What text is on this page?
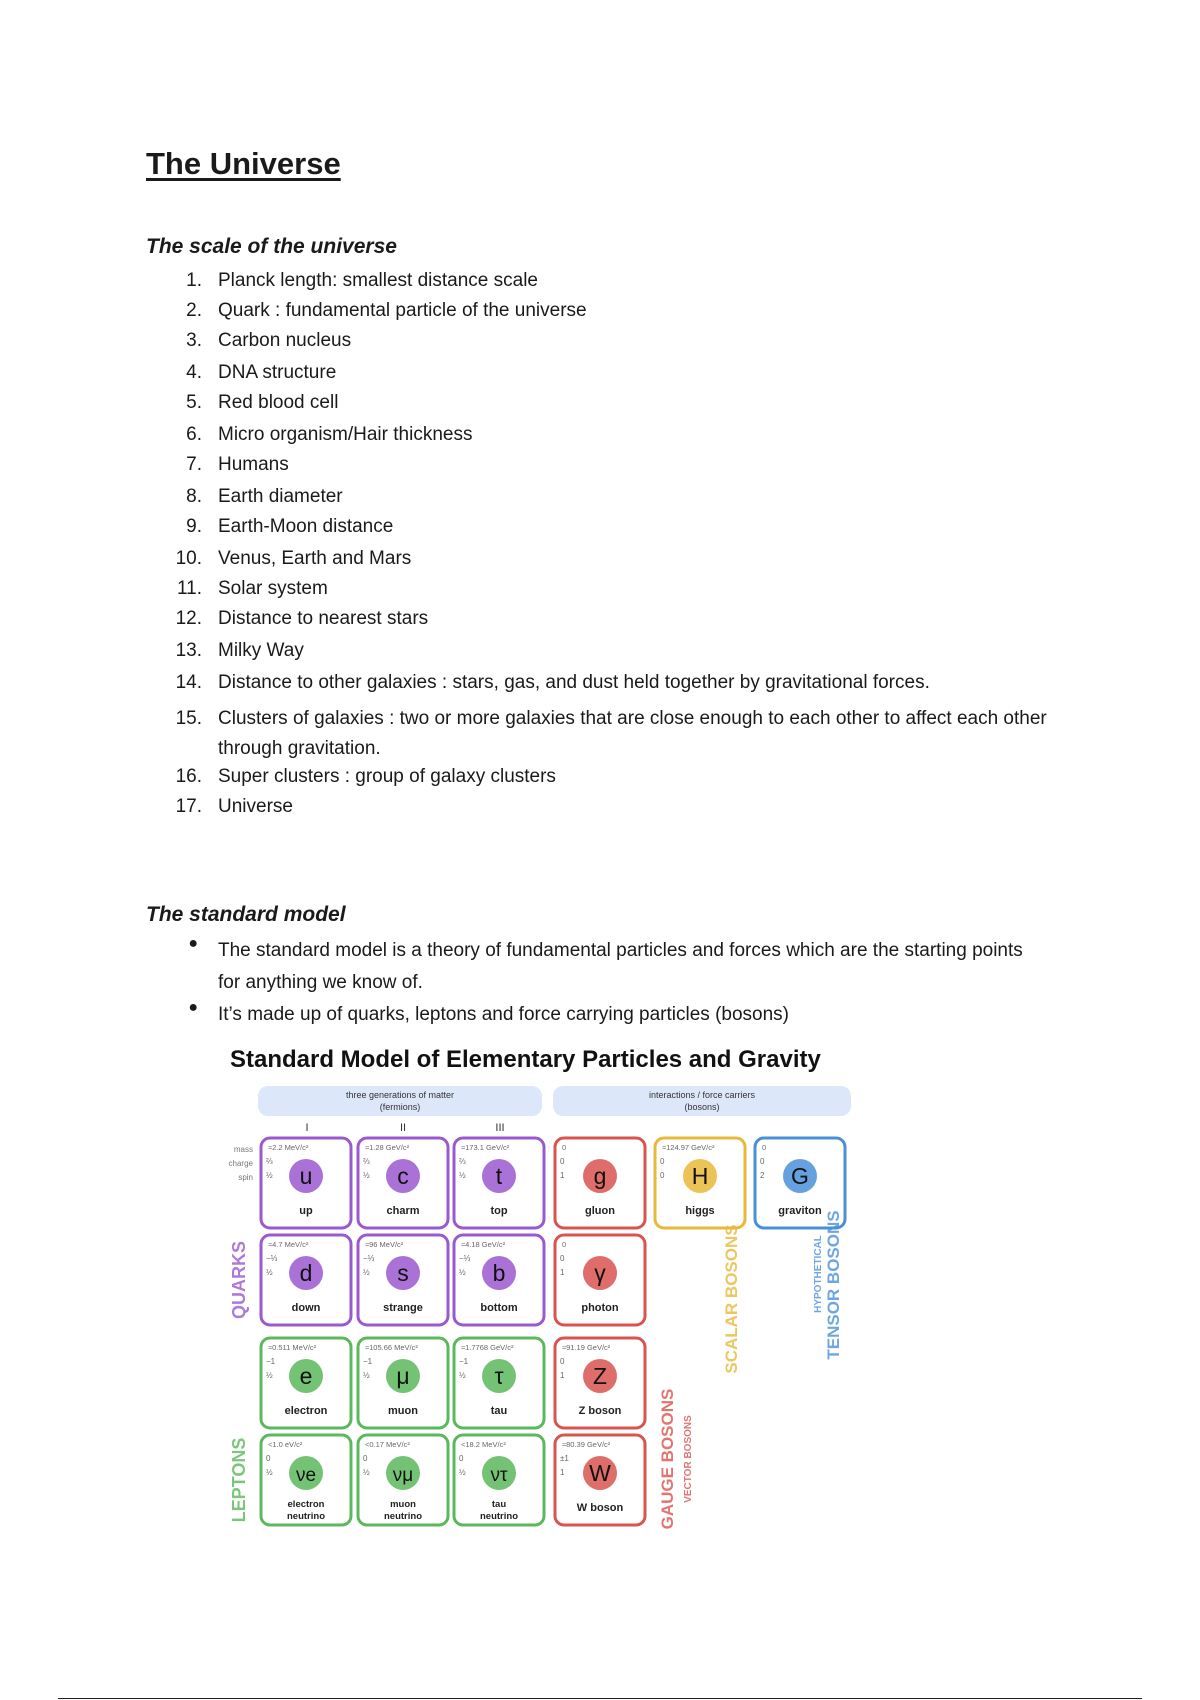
The Universe
The scale of the universe
1. Planck length: smallest distance scale
2. Quark : fundamental particle of the universe
3. Carbon nucleus
4. DNA structure
5. Red blood cell
6. Micro organism/Hair thickness
7. Humans
8. Earth diameter
9. Earth-Moon distance
10. Venus, Earth and Mars
11. Solar system
12. Distance to nearest stars
13. Milky Way
14. Distance to other galaxies : stars, gas, and dust held together by gravitational forces.
15. Clusters of galaxies : two or more galaxies that are close enough to each other to affect each other through gravitation.
16. Super clusters : group of galaxy clusters
17. Universe
The standard model
●	The standard model is a theory of fundamental particles and forces which are the starting points for anything we know of.
●	It’s made up of quarks, leptons and force carrying particles (bosons)
Standard Model of Elementary Particles and Gravity
three generations of matter
(fermions)
interactions / force carriers
(bosons)
I	II	III
mass
charge
spin
≈2.2 MeV/c²
⅔
½ u
up
≈1.28 GeV/c²
⅔
½ c
charm
≈173.1 GeV/c²
⅔
½ t
top
0
0
1 g
gluon
≈124.97 GeV/c²
0
0 H
higgs
0
0
2 G
graviton
≈4.7 MeV/c²
−⅓
½ d
down
≈96 MeV/c²
−⅓
½ s
strange
≈4.18 GeV/c²
−⅓
½ b
bottom
0
0
1 γ
photon
≈0.511 MeV/c²
−1
½ e
electron
≈105.66 MeV/c²
−1
½ μ
muon
≈1.7768 GeV/c²
−1
½ τ
tau
≈91.19 GeV/c²
0
1 Z
Z boson
<1.0 eV/c²
0
½ νe
electron
neutrino
<0.17 MeV/c²
0
½ νμ
muon
neutrino
<18.2 MeV/c²
0
½ ντ
tau
neutrino
≈80.39 GeV/c²
±1
1 W
W boson
QUARKS
LEPTONS	GAUGE BOSONS VECTOR BOSONS
SCALAR BOSONS	HYPOTHETICAL TENSOR BOSONS
